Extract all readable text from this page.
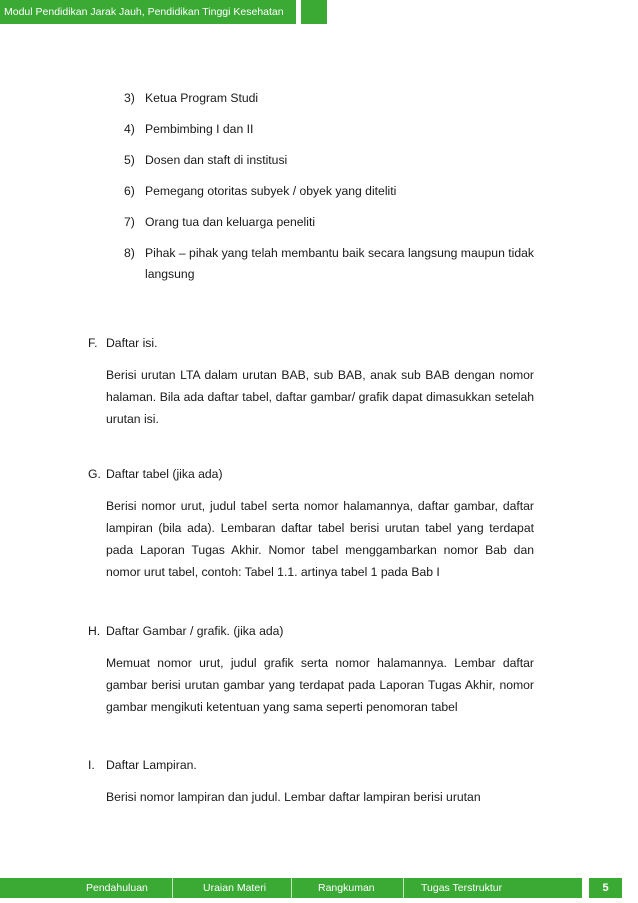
Modul Pendidikan Jarak Jauh, Pendidikan Tinggi Kesehatan
3) Ketua Program Studi
4) Pembimbing I dan II
5) Dosen dan staft di institusi
6) Pemegang otoritas subyek / obyek yang diteliti
7) Orang tua dan keluarga peneliti
8) Pihak – pihak yang telah membantu baik secara langsung maupun tidak langsung
F. Daftar isi.
Berisi urutan LTA dalam urutan BAB, sub BAB, anak sub BAB dengan nomor halaman. Bila ada daftar tabel, daftar gambar/ grafik dapat dimasukkan setelah urutan isi.
G. Daftar tabel (jika ada)
Berisi nomor urut, judul tabel serta nomor halamannya, daftar gambar, daftar lampiran (bila ada). Lembaran daftar tabel berisi urutan tabel yang terdapat pada Laporan Tugas Akhir. Nomor tabel menggambarkan nomor Bab dan nomor urut tabel, contoh: Tabel 1.1. artinya tabel 1 pada Bab I
H. Daftar Gambar / grafik. (jika ada)
Memuat nomor urut, judul grafik serta nomor halamannya. Lembar daftar gambar berisi urutan gambar yang terdapat pada Laporan Tugas Akhir, nomor gambar mengikuti ketentuan yang sama seperti penomoran tabel
I. Daftar Lampiran.
Berisi nomor lampiran dan judul. Lembar daftar lampiran berisi urutan
Pendahuluan	Uraian Materi	Rangkuman	Tugas Terstruktur	5
